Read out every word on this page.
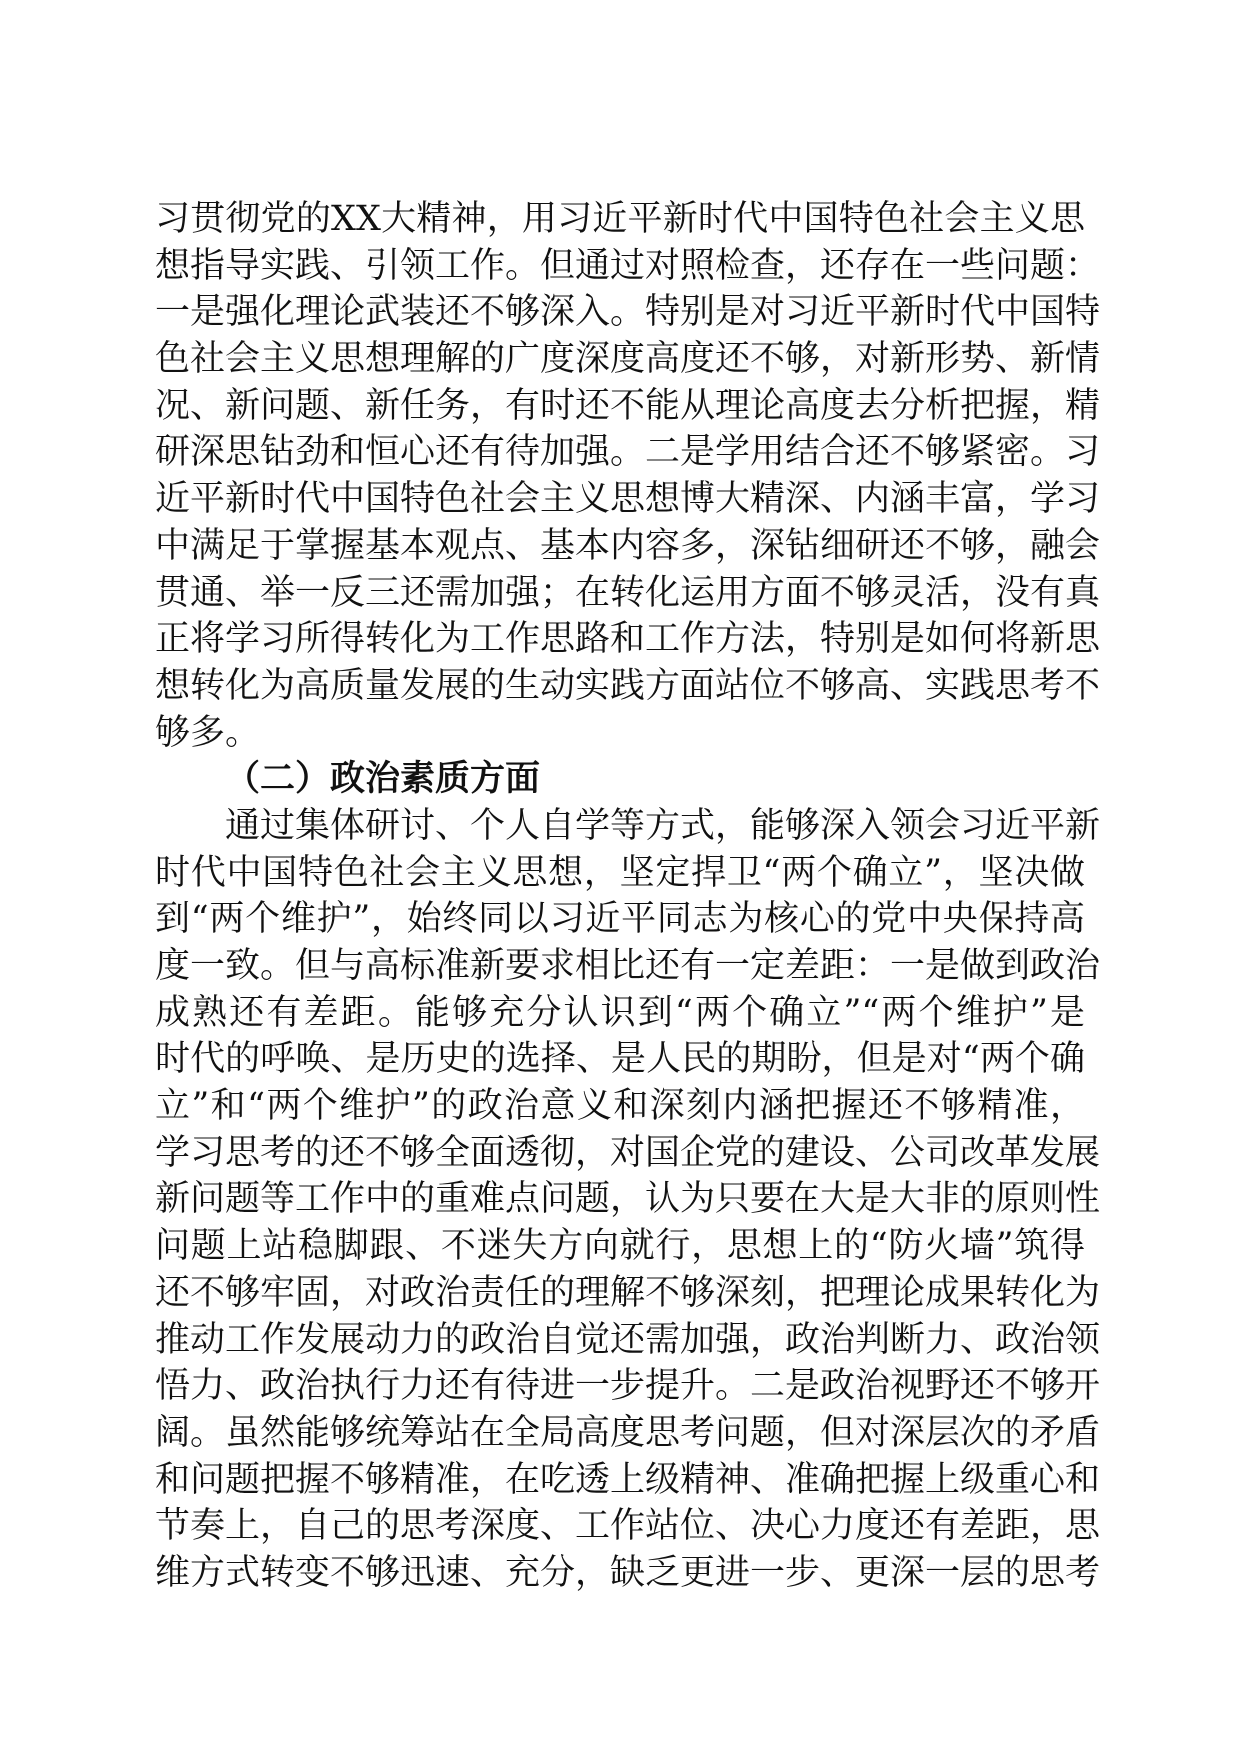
习贯彻党的XX大精神，用习近平新时代中国特色社会主义思
想指导实践、引领工作。但通过对照检查，还存在一些问题：
一是强化理论武装还不够深入。特别是对习近平新时代中国特
色社会主义思想理解的广度深度高度还不够，对新形势、新情
况、新问题、新任务，有时还不能从理论高度去分析把握，精
研深思钻劲和恒心还有待加强。二是学用结合还不够紧密。习
近平新时代中国特色社会主义思想博大精深、内涵丰富，学习
中满足于掌握基本观点、基本内容多，深钻细研还不够，融会
贯通、举一反三还需加强；在转化运用方面不够灵活，没有真
正将学习所得转化为工作思路和工作方法，特别是如何将新思
想转化为高质量发展的生动实践方面站位不够高、实践思考不
够多。
（二）政治素质方面
通过集体研讨、个人自学等方式，能够深入领会习近平新
时代中国特色社会主义思想，坚定捍卫“两个确立”，坚决做
到“两个维护”，始终同以习近平同志为核心的党中央保持高
度一致。但与高标准新要求相比还有一定差距：一是做到政治
成熟还有差距。能够充分认识到“两个确立”“两个维护”是
时代的呼唤、是历史的选择、是人民的期盼，但是对“两个确
立”和“两个维护”的政治意义和深刻内涵把握还不够精准，
学习思考的还不够全面透彻，对国企党的建设、公司改革发展
新问题等工作中的重难点问题，认为只要在大是大非的原则性
问题上站稳脚跟、不迷失方向就行，思想上的“防火墙”筑得
还不够牢固，对政治责任的理解不够深刻，把理论成果转化为
推动工作发展动力的政治自觉还需加强，政治判断力、政治领
悟力、政治执行力还有待进一步提升。二是政治视野还不够开
阔。虽然能够统筹站在全局高度思考问题，但对深层次的矛盾
和问题把握不够精准，在吃透上级精神、准确把握上级重心和
节奏上，自己的思考深度、工作站位、决心力度还有差距，思
维方式转变不够迅速、充分，缺乏更进一步、更深一层的思考
